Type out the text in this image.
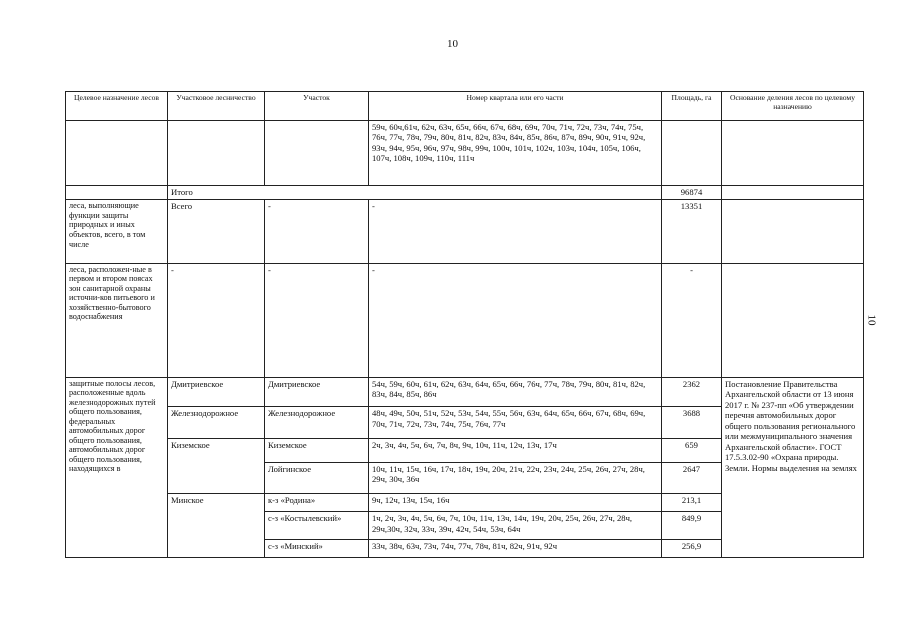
10
10
Целевое назначение лесов	Участковое лесничество	Участок	Номер квартала или его части	Площадь, га	Основание деления лесов по целевому назначению
			59ч, 60ч,61ч, 62ч, 63ч, 65ч, 66ч, 67ч, 68ч, 69ч, 70ч, 71ч, 72ч, 73ч, 74ч, 75ч, 76ч, 77ч, 78ч, 79ч, 80ч, 81ч, 82ч, 83ч, 84ч, 85ч, 86ч, 87ч, 89ч, 90ч, 91ч, 92ч, 93ч, 94ч, 95ч, 96ч, 97ч, 98ч, 99ч, 100ч, 101ч, 102ч, 103ч, 104ч, 105ч, 106ч, 107ч, 108ч, 109ч, 110ч, 111ч		
	Итого			96874	
леса, выполняющие функции защиты природных и иных объектов, всего, в том числе	Всего	-	-	13351	
леса, расположен-ные в первом и втором поясах зон санитарной охраны источни-ков питьевого и хозяйственно-бытового водоснабжения	-	-	-	-	

защитные полосы лесов, расположенные вдоль железнодорожных путей общего пользования, федеральных автомобильных дорог общего пользования, автомобильных дорог общего пользования, находящихся в	Дмитриевское	Дмитриевское	54ч, 59ч, 60ч, 61ч, 62ч, 63ч, 64ч, 65ч, 66ч, 76ч, 77ч, 78ч, 79ч, 80ч, 81ч, 82ч, 83ч, 84ч, 85ч, 86ч	2362	Постановление Правительства Архангельской области от 13 июня 2017 г. № 237-пп «Об утверждении перечня автомобильных дорог общего пользования регионального или межмуниципального значения Архангельской области». ГОСТ 17.5.3.02-90 «Охрана природы. Земли. Нормы выделения на землях

	Железнодорожное	Железнодорожное	48ч, 49ч, 50ч, 51ч, 52ч, 53ч, 54ч, 55ч, 56ч, 63ч, 64ч, 65ч, 66ч, 67ч, 68ч, 69ч, 70ч, 71ч, 72ч, 73ч, 74ч, 75ч, 76ч, 77ч	3688	
	Киземское	Киземское	2ч, 3ч, 4ч, 5ч, 6ч, 7ч, 8ч, 9ч, 10ч, 11ч, 12ч, 13ч, 17ч	659	
		Лойгинское	10ч, 11ч, 15ч, 16ч, 17ч, 18ч, 19ч, 20ч, 21ч, 22ч, 23ч, 24ч, 25ч, 26ч, 27ч, 28ч, 29ч, 30ч, 36ч	2647	
	Минское	к-з «Родина»	9ч, 12ч, 13ч, 15ч, 16ч	213,1	
		с-з «Костылевский»	1ч, 2ч, 3ч, 4ч, 5ч, 6ч, 7ч, 10ч, 11ч, 13ч, 14ч, 19ч, 20ч, 25ч, 26ч, 27ч, 28ч, 29ч,30ч, 32ч, 33ч, 39ч, 42ч, 54ч, 53ч, 64ч	849,9	
		с-з «Минский»	33ч, 38ч, 63ч, 73ч, 74ч, 77ч, 78ч, 81ч, 82ч, 91ч, 92ч	256,9	
